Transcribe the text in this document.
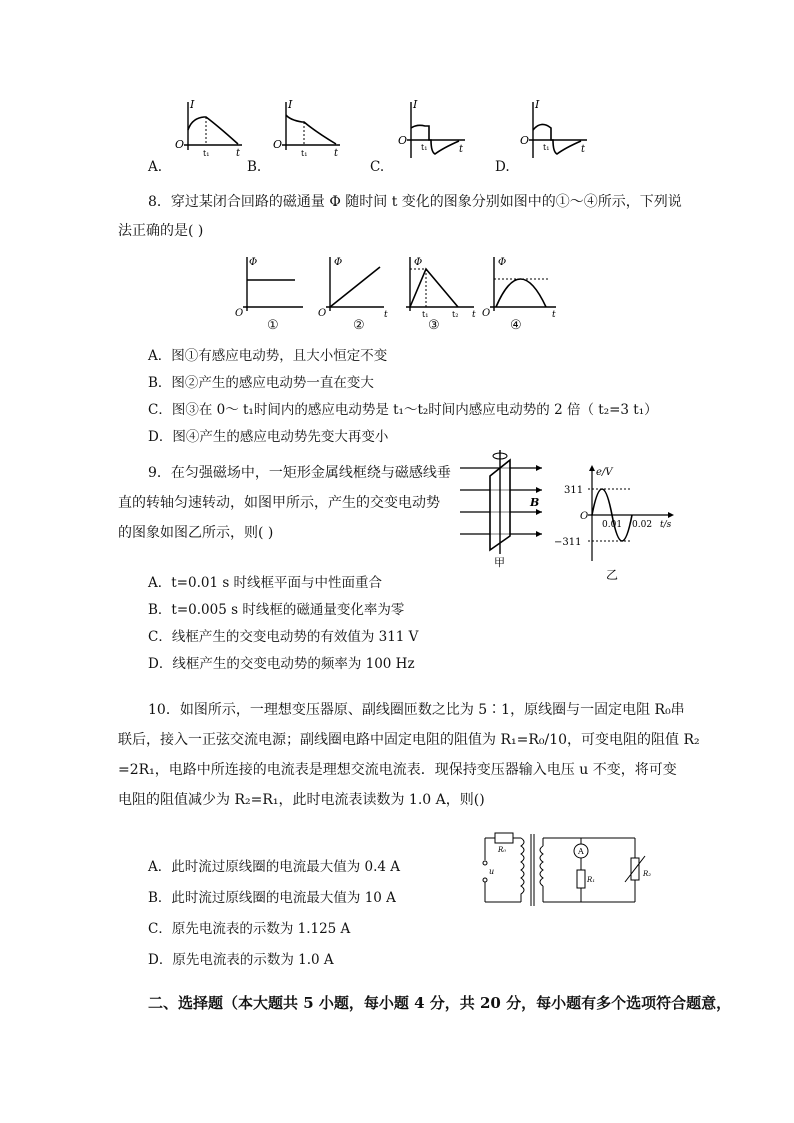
I
O
t₁	t
I
O
t₁	t
I
O
t₁	t
I
O
t₁	t
A.	B.	C.	D.
8．穿过某闭合回路的磁通量 Φ 随时间 t 变化的图象分别如图中的①～④所示，下列说
法正确的是( )
Φ
O
Φ
O	t
Φ
t₁	t₂ t
Φ
O	t
①	②	③	④
A．图①有感应电动势，且大小恒定不变
B．图②产生的感应电动势一直在变大
C．图③在 0～ t₁时间内的感应电动势是 t₁～t₂时间内感应电动势的 2 倍（ t₂=3 t₁）
D．图④产生的感应电动势先变大再变小
9．在匀强磁场中，一矩形金属线框绕与磁感线垂
直的转轴匀速转动，如图甲所示，产生的交变电动势
的图象如图乙所示，则( )
B
甲
e/V
311
−311
O
0.01 0.02 t/s
乙
A．t=0.01 s 时线框平面与中性面重合
B．t=0.005 s 时线框的磁通量变化率为零
C．线框产生的交变电动势的有效值为 311 V
D．线框产生的交变电动势的频率为 100 Hz
10．如图所示，一理想变压器原、副线圈匝数之比为 5∶1，原线圈与一固定电阻 R₀串
联后，接入一正弦交流电源；副线圈电路中固定电阻的阻值为 R₁=R₀/10，可变电阻的阻值 R₂
=2R₁，电路中所连接的电流表是理想交流电流表．现保持变压器输入电压 u 不变，将可变
电阻的阻值减少为 R₂=R₁，此时电流表读数为 1.0 A，则()
A
R₀
u
R₁
R₂
A．此时流过原线圈的电流最大值为 0.4 A
B．此时流过原线圈的电流最大值为 10 A
C．原先电流表的示数为 1.125 A
D．原先电流表的示数为 1.0 A
二、选择题（本大题共 5 小题，每小题 4 分，共 20 分，每小题有多个选项符合题意，
